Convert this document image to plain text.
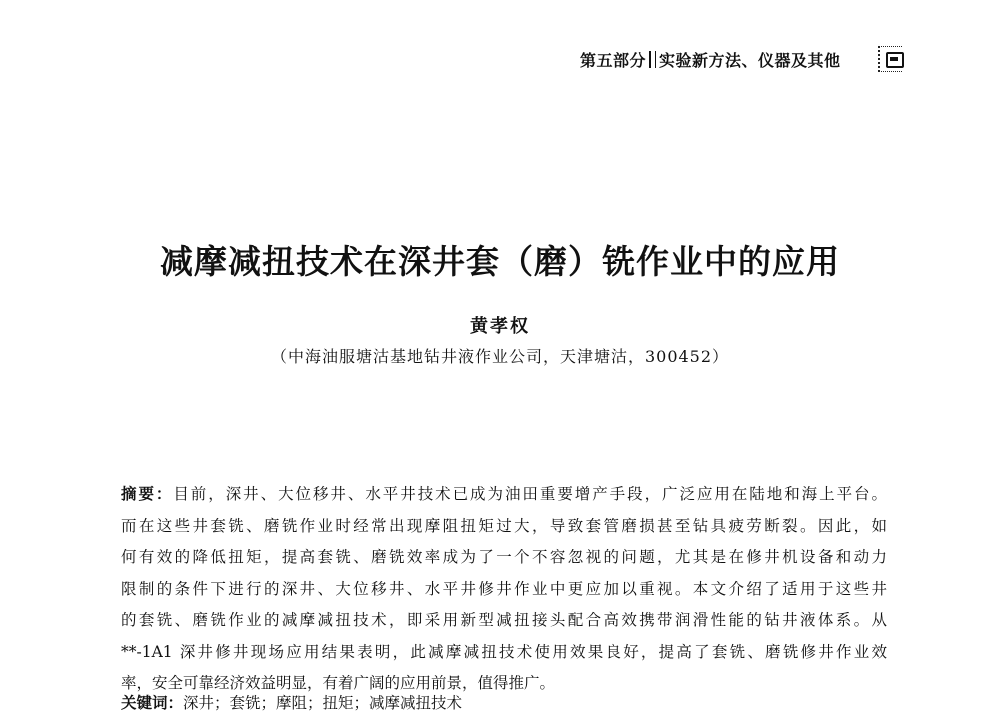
第五部分 实验新方法、仪器及其他
减摩减扭技术在深井套（磨）铣作业中的应用
黄孝权
（中海油服塘沽基地钻井液作业公司，天津塘沽，300452）
摘要：目前，深井、大位移井、水平井技术已成为油田重要增产手段，广泛应用在陆地和海上平台。
而在这些井套铣、磨铣作业时经常出现摩阻扭矩过大，导致套管磨损甚至钻具疲劳断裂。因此，如
何有效的降低扭矩，提高套铣、磨铣效率成为了一个不容忽视的问题，尤其是在修井机设备和动力
限制的条件下进行的深井、大位移井、水平井修井作业中更应加以重视。本文介绍了适用于这些井
的套铣、磨铣作业的减摩减扭技术，即采用新型减扭接头配合高效携带润滑性能的钻井液体系。从
**-1A1 深井修井现场应用结果表明，此减摩减扭技术使用效果良好，提高了套铣、磨铣修井作业效
率，安全可靠经济效益明显，有着广阔的应用前景，值得推广。
关键词：深井；套铣；摩阻；扭矩；减摩减扭技术
